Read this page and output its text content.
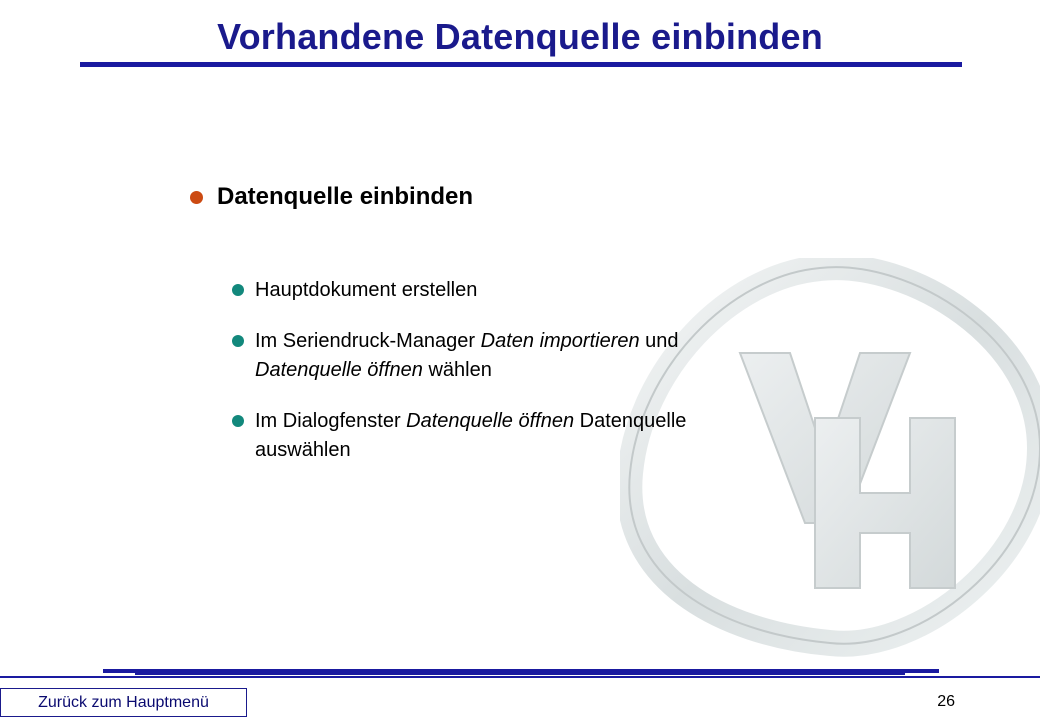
Vorhandene Datenquelle einbinden
Datenquelle einbinden
Hauptdokument erstellen
Im Seriendruck-Manager Daten importieren und
Datenquelle öffnen wählen
Im Dialogfenster Datenquelle öffnen Datenquelle
auswählen
Zurück zum Hauptmenü	26
